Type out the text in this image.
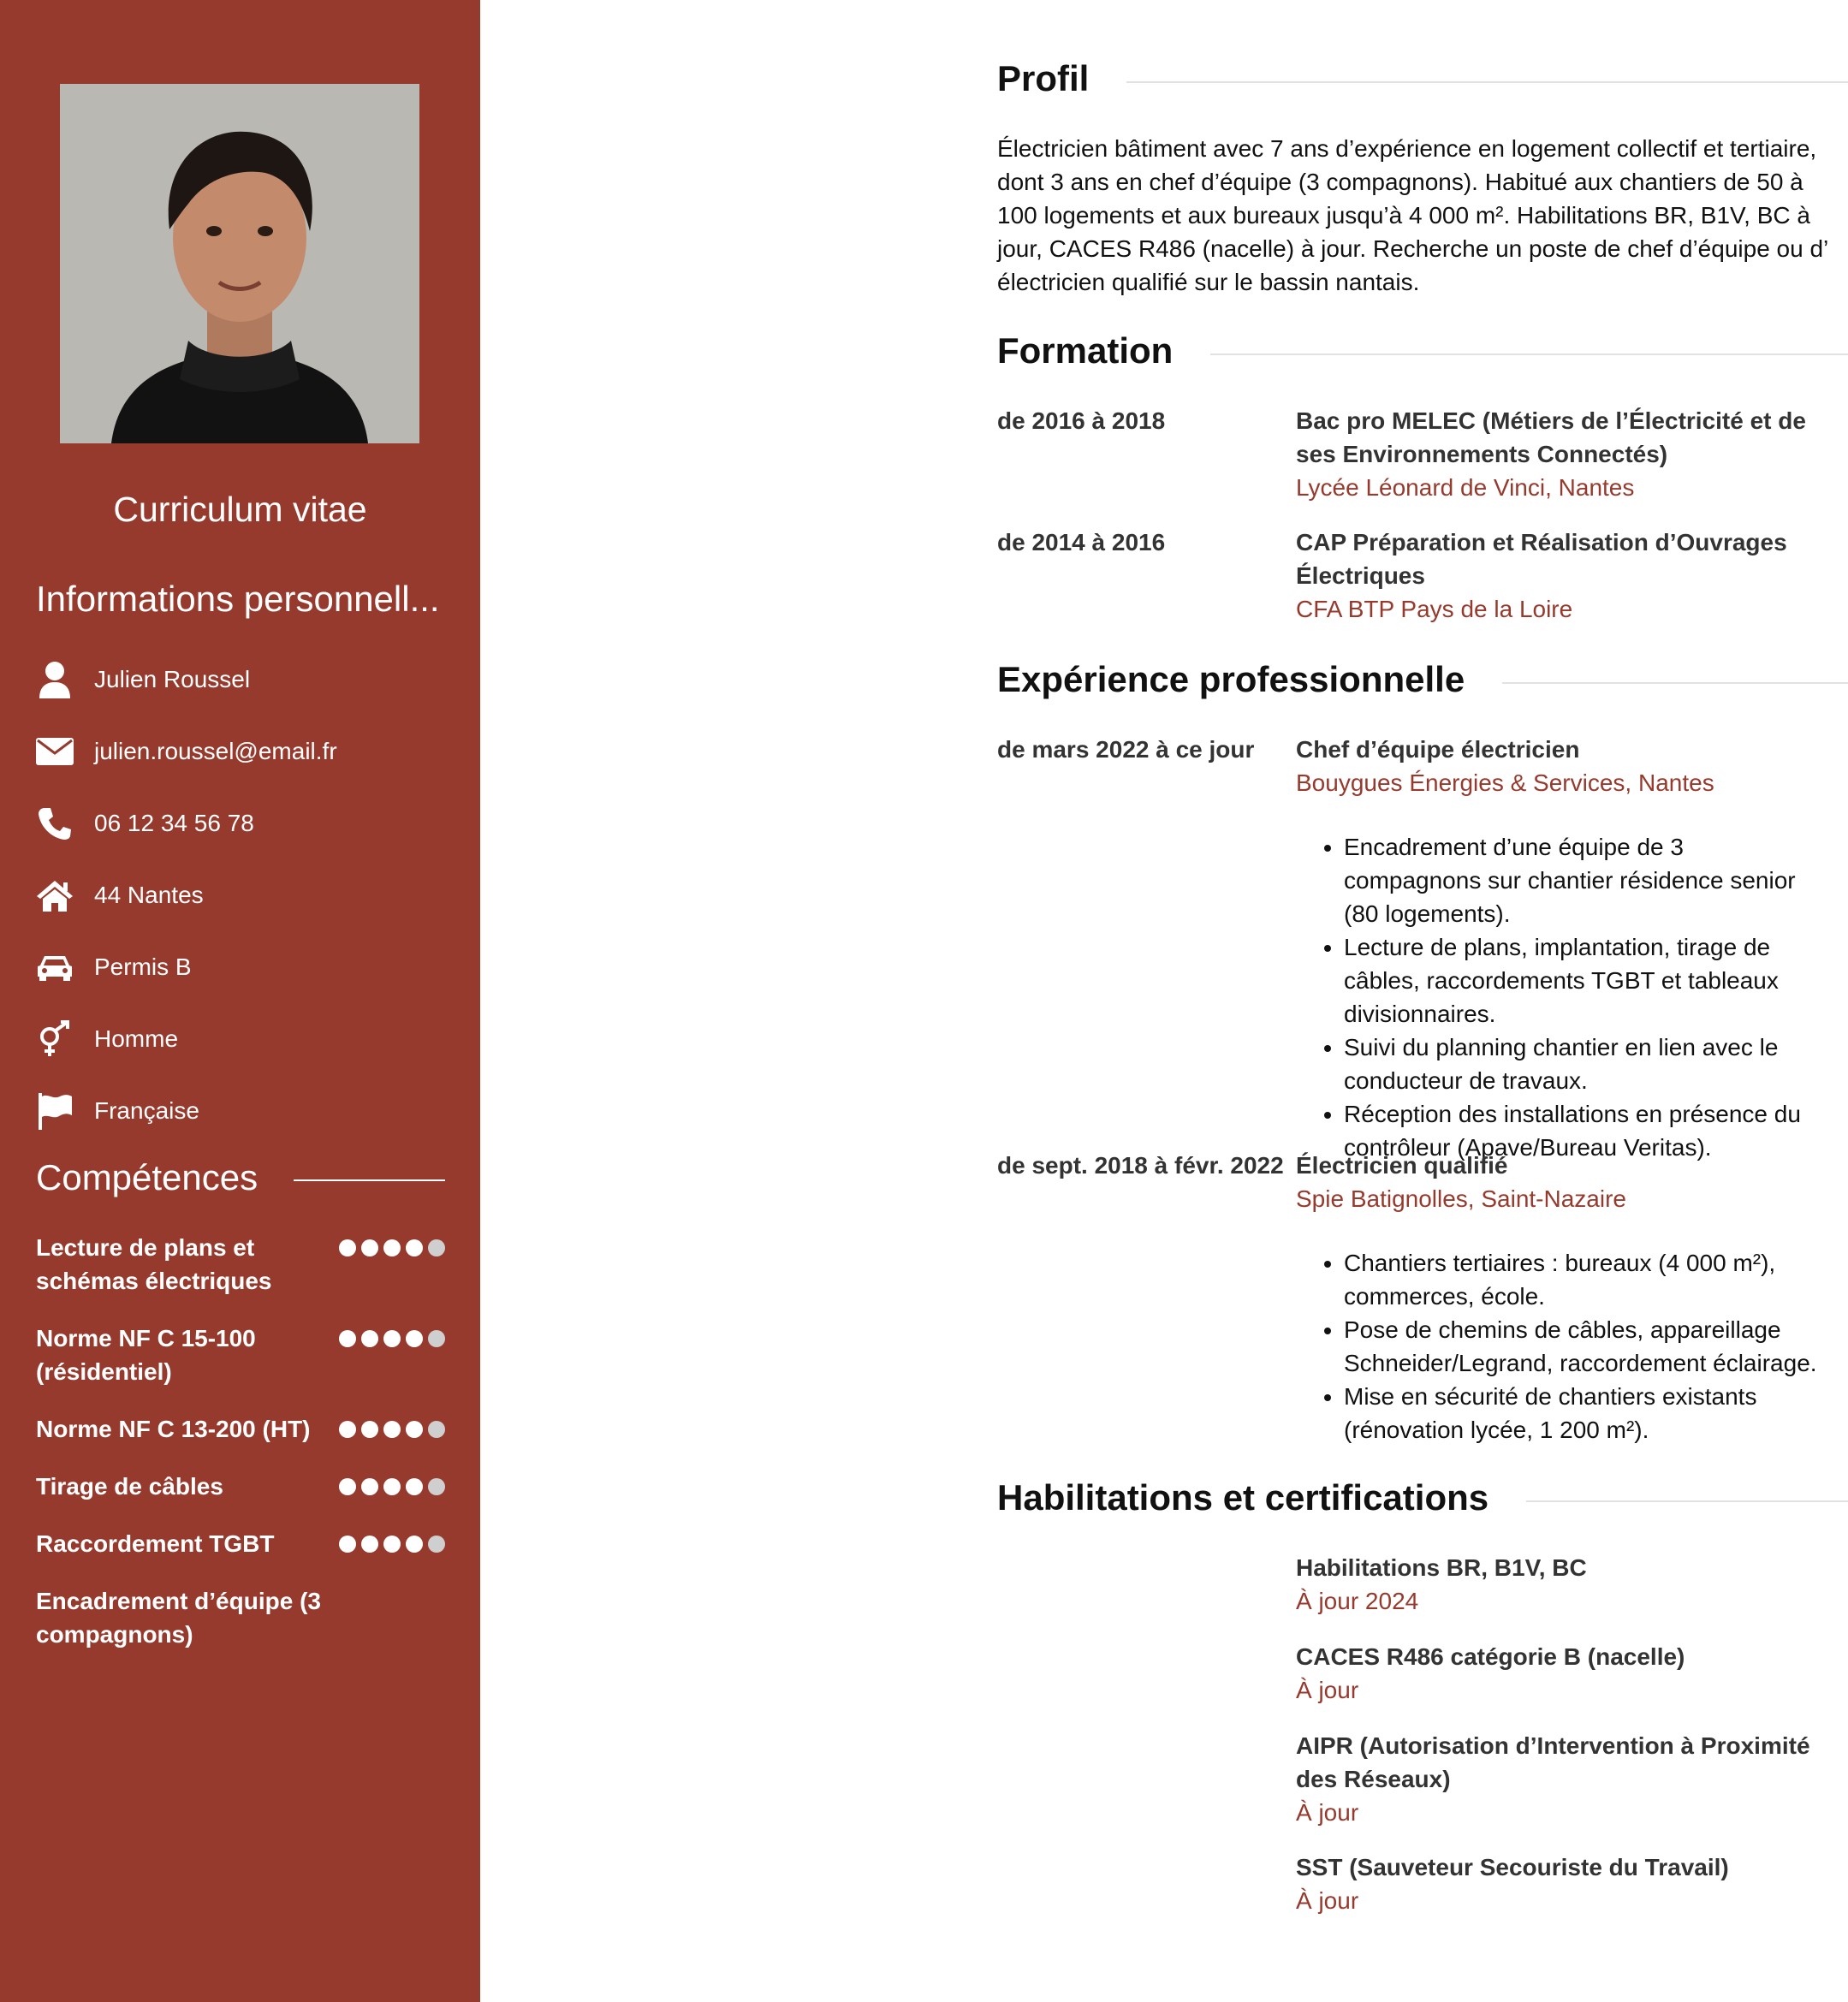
Curriculum vitae
Informations personnell...
Julien Roussel
julien.roussel@email.fr
06 12 34 56 78
44 Nantes
Permis B
Homme
Française
Compétences
Lecture de plans et schémas électriques
Norme NF C 15-100 (résidentiel)
Norme NF C 13-200 (HT)
Tirage de câbles
Raccordement TGBT
Encadrement d’équipe (3 compagnons)
Profil
Électricien bâtiment avec 7 ans d’expérience en logement collectif et tertiaire, dont 3 ans en chef d’équipe (3 compagnons). Habitué aux chantiers de 50 à 100 logements et aux bureaux jusqu’à 4 000 m². Habilitations BR, B1V, BC à jour, CACES R486 (nacelle) à jour. Recherche un poste de chef d’équipe ou d’ électricien qualifié sur le bassin nantais.
Formation
de 2016 à 2018	Bac pro MELEC (Métiers de l’Électricité et de ses Environnements Connectés)
Lycée Léonard de Vinci, Nantes
de 2014 à 2016	CAP Préparation et Réalisation d’Ouvrages Électriques
CFA BTP Pays de la Loire
Expérience professionnelle
de mars 2022 à ce jour	Chef d’équipe électricien
Bouygues Énergies & Services, Nantes
• Encadrement d’une équipe de 3 compagnons sur chantier résidence senior (80 logements).
• Lecture de plans, implantation, tirage de câbles, raccordements TGBT et tableaux divisionnaires.
• Suivi du planning chantier en lien avec le conducteur de travaux.
• Réception des installations en présence du contrôleur (Apave/Bureau Veritas).
de sept. 2018 à févr. 2022 Électricien qualifié
Spie Batignolles, Saint-Nazaire
• Chantiers tertiaires : bureaux (4 000 m²), commerces, école.
• Pose de chemins de câbles, appareillage Schneider/Legrand, raccordement éclairage.
• Mise en sécurité de chantiers existants (rénovation lycée, 1 200 m²).
Habilitations et certifications
Habilitations BR, B1V, BC
À jour 2024
CACES R486 catégorie B (nacelle)
À jour
AIPR (Autorisation d’Intervention à Proximité des Réseaux)
À jour
SST (Sauveteur Secouriste du Travail)
À jour
